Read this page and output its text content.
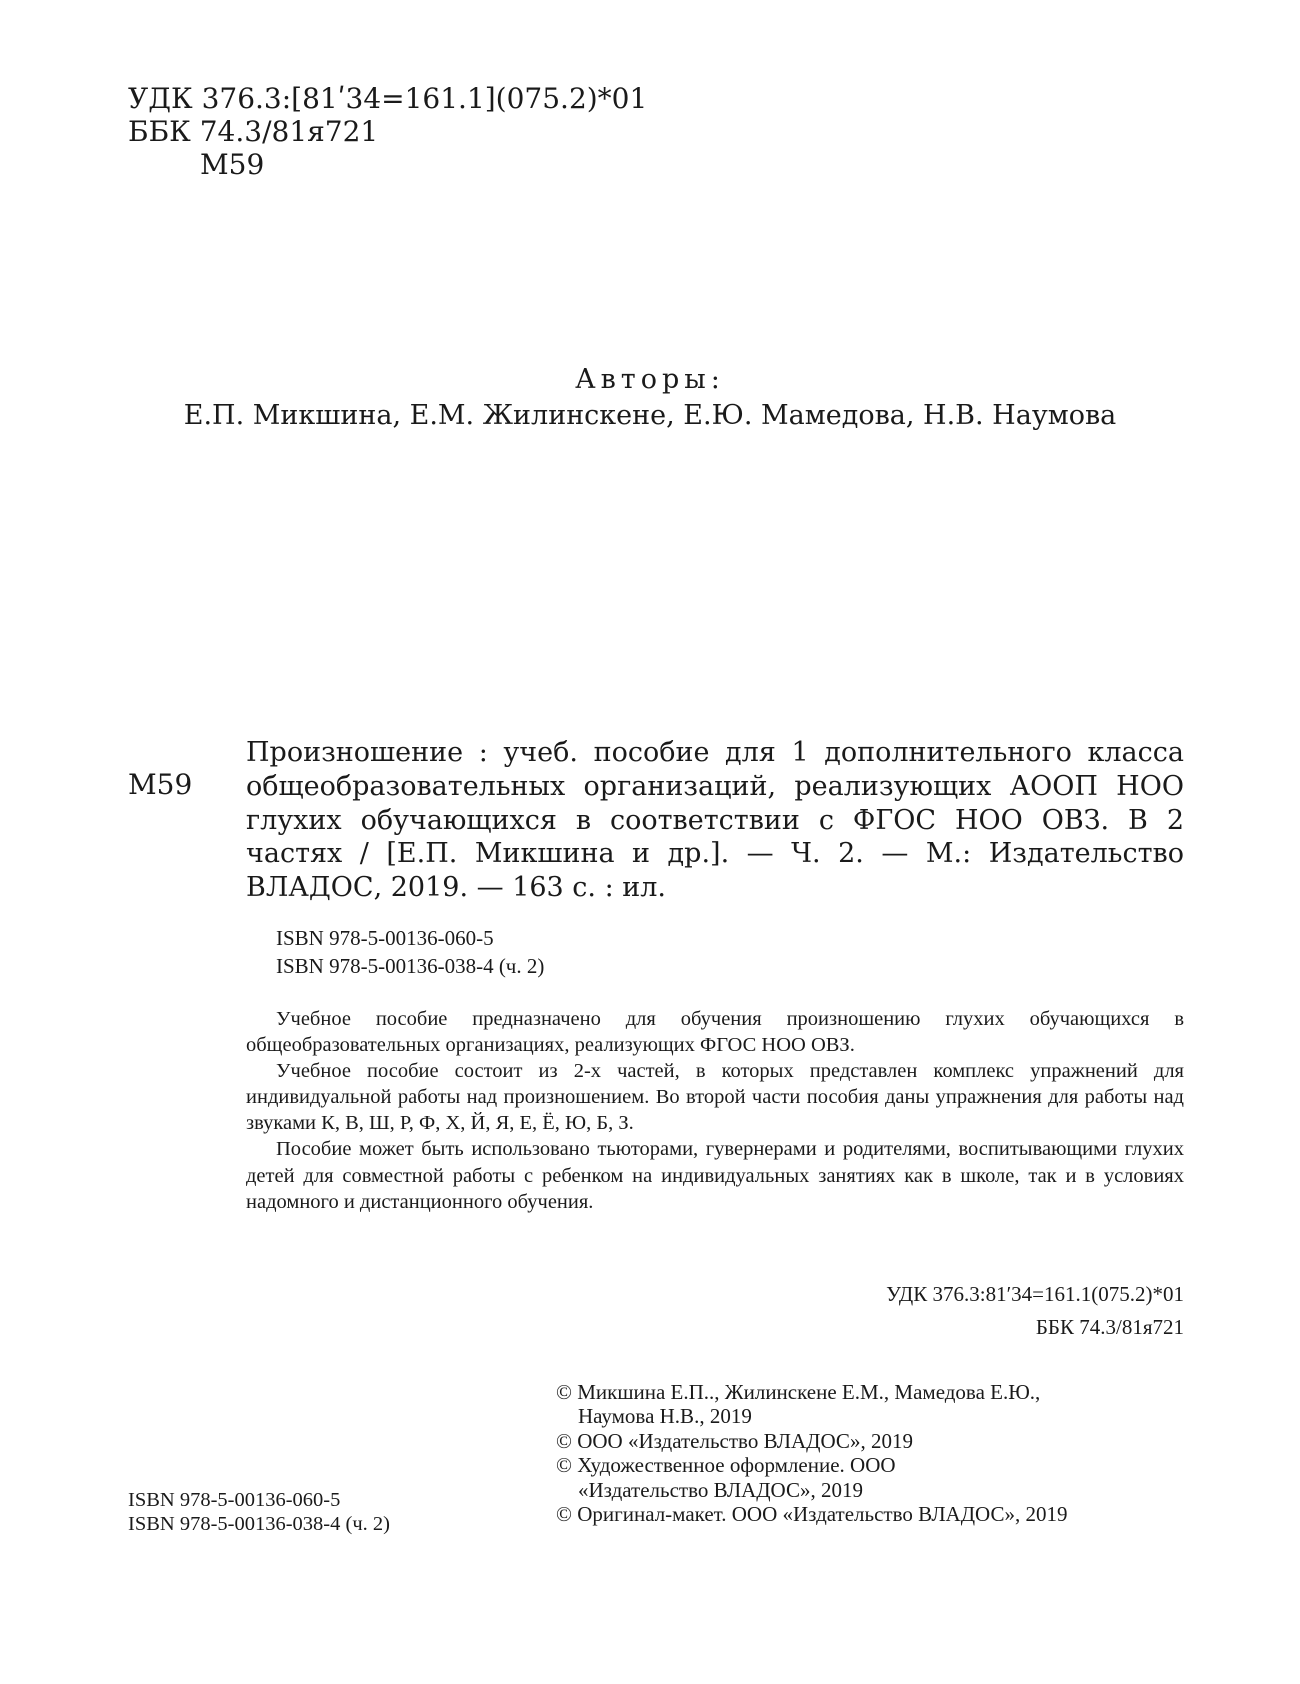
УДК 376.3:[81ʹ34=161.1](075.2)*01
ББК 74.3/81я721
М59
Авторы:
Е.П. Микшина, Е.М. Жилинскене, Е.Ю. Мамедова, Н.В. Наумова
М59

Произношение : учеб. пособие для 1 дополнительного класса общеобразовательных организаций, реализующих АООП НОО глухих обучающихся в соответствии с ФГОС НОО ОВЗ. В 2 частях / [Е.П. Микшина и др.]. — Ч. 2. — М.: Издательство ВЛАДОС, 2019. — 163 с. : ил.

ISBN 978-5-00136-060-5
ISBN 978-5-00136-038-4 (ч. 2)

Учебное пособие предназначено для обучения произношению глухих обучающихся в общеобразовательных организациях, реализующих ФГОС НОО ОВЗ.

Учебное пособие состоит из 2-х частей, в которых представлен комплекс упражнений для индивидуальной работы над произношением. Во второй части пособия даны упражнения для работы над звуками К, В, Ш, Р, Ф, Х, Й, Я, Е, Ё, Ю, Б, З.

Пособие может быть использовано тьюторами, гувернерами и родителями, воспитывающими глухих детей для совместной работы с ребенком на индивидуальных занятиях как в школе, так и в условиях надомного и дистанционного обучения.

УДК 376.3:81ʹ34=161.1(075.2)*01
ББК 74.3/81я721
ISBN 978-5-00136-060-5
ISBN 978-5-00136-038-4 (ч. 2)
© Микшина Е.П.., Жилинскене Е.М., Мамедова Е.Ю., Наумова Н.В., 2019
© ООО «Издательство ВЛАДОС», 2019
© Художественное оформление. ООО «Издательство ВЛАДОС», 2019
© Оригинал-макет. ООО «Издательство ВЛАДОС», 2019
